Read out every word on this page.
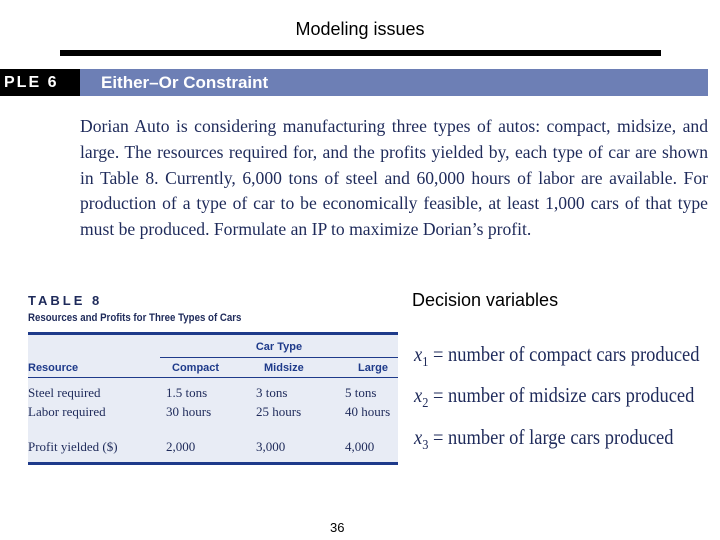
Modeling issues
PLE 6	Either–Or Constraint

Dorian Auto is considering manufacturing three types of autos: compact, midsize, and large. The resources required for, and the profits yielded by, each type of car are shown in Table 8. Currently, 6,000 tons of steel and 60,000 hours of labor are available. For production of a type of car to be economically feasible, at least 1,000 cars of that type must be produced. Formulate an IP to maximize Dorian’s profit.

TABLE 8
Resources and Profits for Three Types of Cars
Car Type
Resource	Compact	Midsize	Large
Steel required	1.5 tons	3 tons	5 tons
Labor required	30 hours	25 hours	40 hours
Profit yielded ($)	2,000	3,000	4,000
Decision variables
$x_1$ = number of compact cars produced
$x_2$ = number of midsize cars produced
$x_3$ = number of large cars produced
36
